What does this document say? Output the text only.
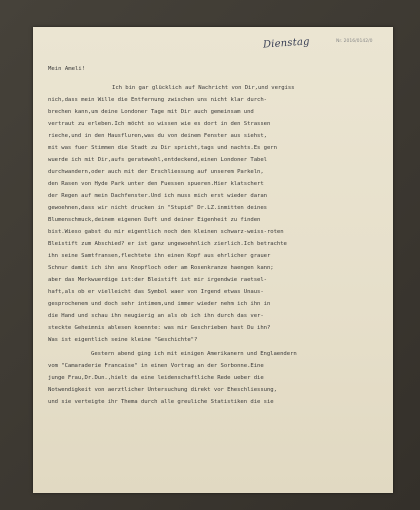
Nr. 2016/0142/0
Dienstag
Mein Ameli!
Ich bin gar glücklich auf Nachricht von Dir,und vergiss
nich,dass mein Wille die Entfernung zwischen uns nicht klar durch-
brechen kann,um deine Londoner Tage mit Dir auch gemeinsam und
vertraut zu erleben.Ich möcht so wissen wie es dort in den Strassen
rieche,und in den Hausfluren,was du von deinem Fenster aus siehst,
mit was fuer Stimmen die Stadt zu Dir spricht,tags und nachts.Es gern
wuerde ich mit Dir,aufs geratewohl,entdeckend,einen Londoner Tabel
durchwandern,oder auch mit der Erschliessung auf unserem Parkeln,
den Rasen von Hyde Park unter den Fuessen spueren.Hier klatschert
der Regen auf mein Dachfenster.Und ich muss mich erst wieder daran
gewoehnen,dass wir nicht drucken in "Stupid" Dr.LZ.inmitten deines
Blumenschmuck,deinem eigenen Duft und deiner Eigenheit zu finden
bist.Wieso gabst du mir eigentlich noch den kleinen schwarz-weiss-roten
Bleistift zum Abschied? er ist ganz ungewoehnlich zierlich.Ich betrachte
ihn seine Samtfransen,flechtete ihn einen Kopf aus ehrlicher grauer
Schnur damit ich ihn ans Knopfloch oder am Rosenkranze haengen kann;
aber das Merkwuerdige ist:der Bleistift ist mir irgendwie raetsel-
haft,als ob er vielleicht das Symbol waer von Irgend etwas Unaus-
gesprochenem und doch sehr intimem,und immer wieder nehm ich ihn in
die Hand und schau ihn neugierig an als ob ich ihn durch das ver-
steckte Geheimnis ablesen koennte: was mir Geschrieben hast Du ihn?
Was ist eigentlich seine kleine "Geschichte"?
Gestern abend ging ich mit einigen Amerikanern und Englaendern
vom "Camaraderie Francaise" in einen Vortrag an der Sorbonne.Eine
junge Frau,Dr.Dun.,hielt da eine leidenschaftliche Rede ueber die
Notwendigkeit von aerztlicher Untersuchung direkt vor Eheschliessung,
und sie verteigte ihr Thema durch alle greuliche Statistiken die sie
